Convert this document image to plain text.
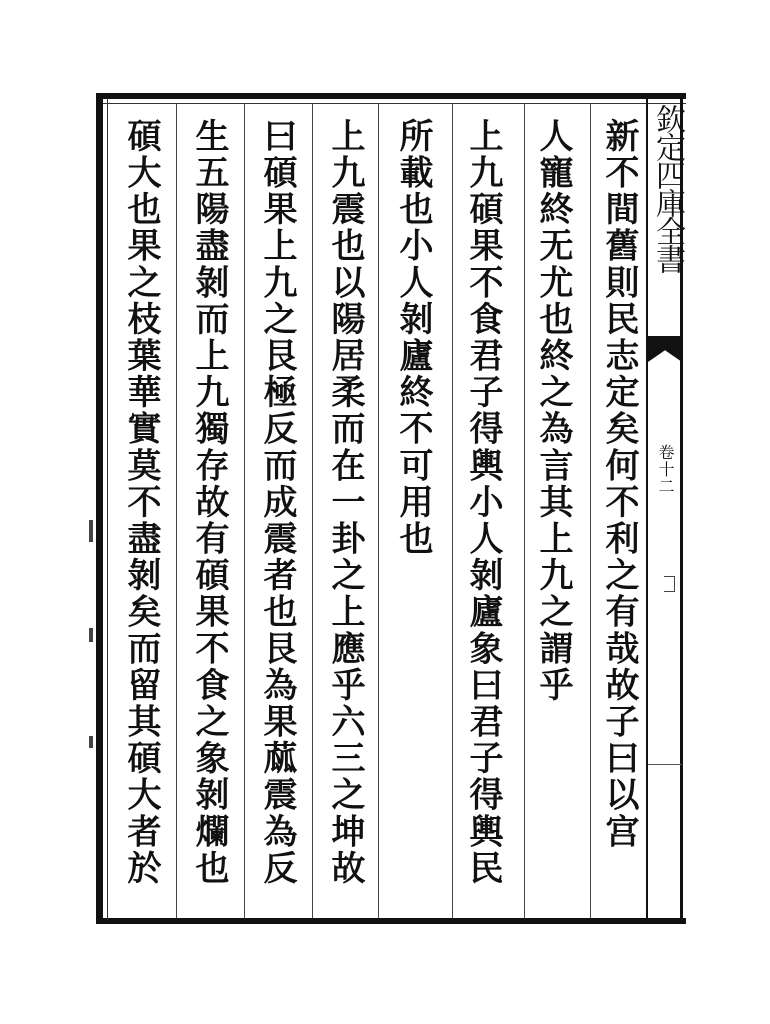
欽定四庫全書
卷十二
新不間舊則民志定矣何不利之有哉故子曰以宫
人寵終无尤也終之為言其上九之謂乎
上九碩果不食君子得輿小人剝廬象曰君子得輿民
所載也小人剝廬終不可用也
上九震也以陽居柔而在一卦之上應乎六三之坤故
曰碩果上九之艮極反而成震者也艮為果蓏震為反
生五陽盡剝而上九獨存故有碩果不食之象剝爛也
碩大也果之枝葉華實莫不盡剝矣而留其碩大者於
